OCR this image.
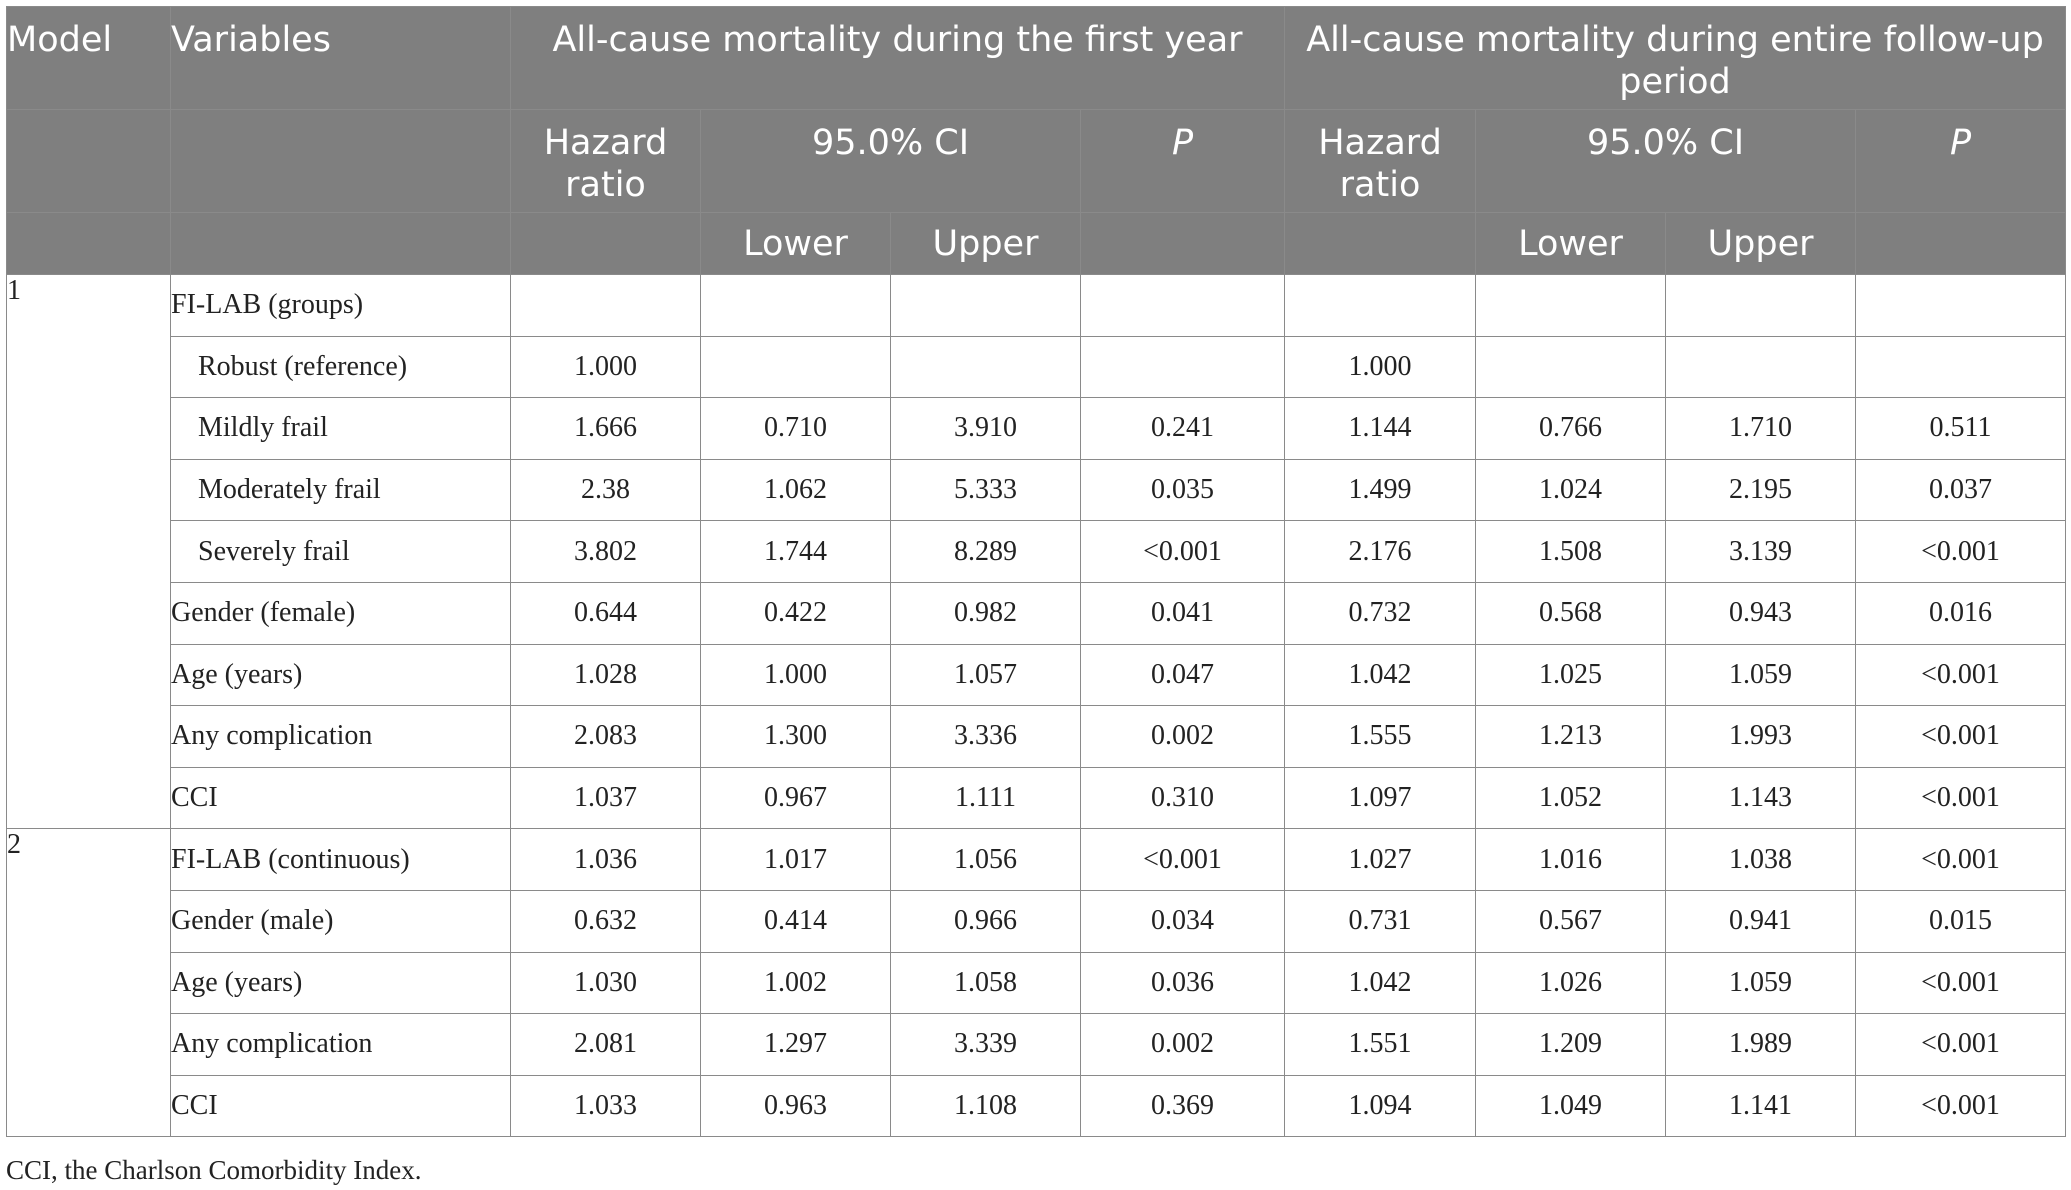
Model	Variables	All-cause mortality during the first year				All-cause mortality during entire follow-up period			
		Hazard ratio	95.0% CI		P	Hazard ratio	95.0% CI		P
			Lower	Upper			Lower	Upper	
1	FI-LAB (groups)								
	Robust (reference)	1.000				1.000			
	Mildly frail	1.666	0.710	3.910	0.241	1.144	0.766	1.710	0.511
	Moderately frail	2.38	1.062	5.333	0.035	1.499	1.024	2.195	0.037
	Severely frail	3.802	1.744	8.289	<0.001	2.176	1.508	3.139	<0.001
	Gender (female)	0.644	0.422	0.982	0.041	0.732	0.568	0.943	0.016
	Age (years)	1.028	1.000	1.057	0.047	1.042	1.025	1.059	<0.001
	Any complication	2.083	1.300	3.336	0.002	1.555	1.213	1.993	<0.001
	CCI	1.037	0.967	1.111	0.310	1.097	1.052	1.143	<0.001
2	FI-LAB (continuous)	1.036	1.017	1.056	<0.001	1.027	1.016	1.038	<0.001
	Gender (male)	0.632	0.414	0.966	0.034	0.731	0.567	0.941	0.015
	Age (years)	1.030	1.002	1.058	0.036	1.042	1.026	1.059	<0.001
	Any complication	2.081	1.297	3.339	0.002	1.551	1.209	1.989	<0.001
	CCI	1.033	0.963	1.108	0.369	1.094	1.049	1.141	<0.001
CCI, the Charlson Comorbidity Index.
